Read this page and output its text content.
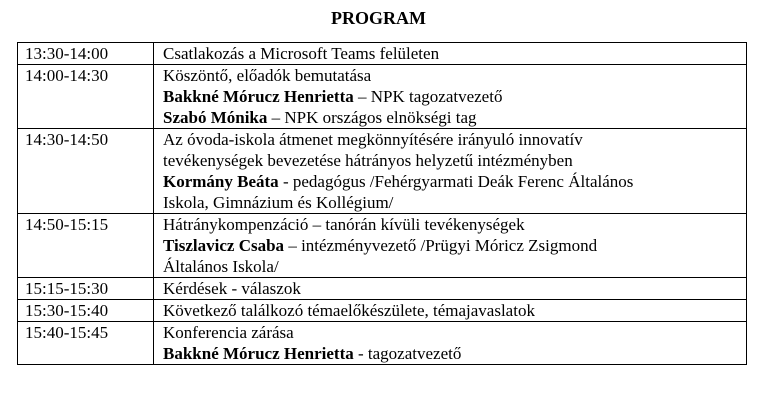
PROGRAM
13:30-14:00	Csatlakozás a Microsoft Teams felületen

14:00-14:30	Köszöntő, előadók bemutatása
Bakkné Mórucz Henrietta – NPK tagozatvezető
Szabó Mónika – NPK országos elnökségi tag

14:30-14:50	Az óvoda-iskola átmenet megkönnyítésére irányuló innovatív
tevékenységek bevezetése hátrányos helyzetű intézményben
Kormány Beáta - pedagógus /Fehérgyarmati Deák Ferenc Általános
Iskola, Gimnázium és Kollégium/

14:50-15:15	Hátránykompenzáció – tanórán kívüli tevékenységek
Tiszlavicz Csaba – intézményvezető /Prügyi Móricz Zsigmond
Általános Iskola/

15:15-15:30	Kérdések - válaszok

15:30-15:40	Következő találkozó témaelőkészülete, témajavaslatok

15:40-15:45	Konferencia zárása
Bakkné Mórucz Henrietta - tagozatvezető
